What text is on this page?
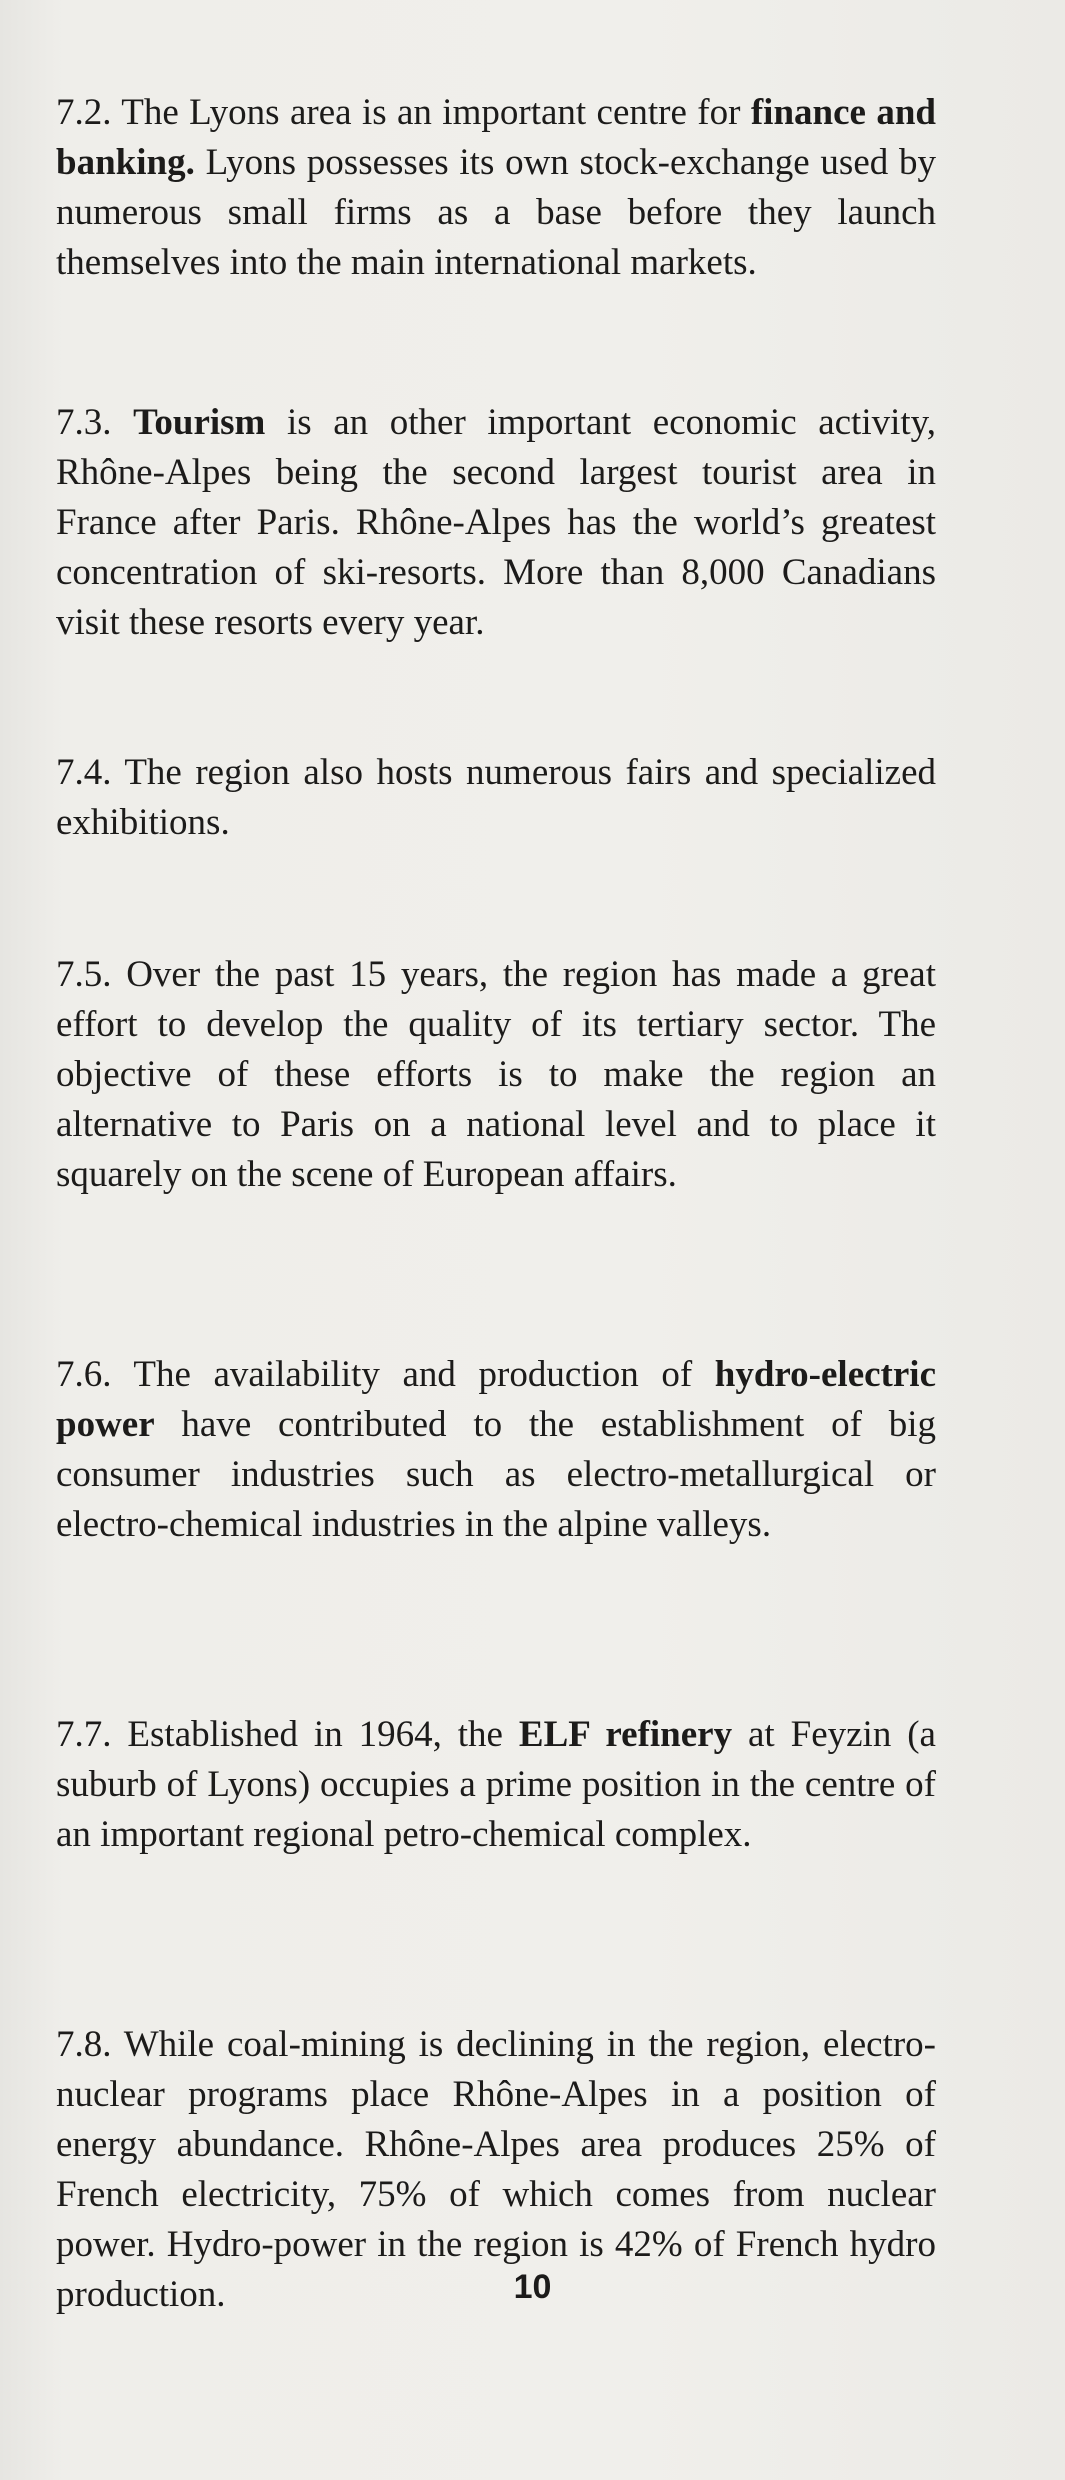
7.2. The Lyons area is an important centre for finance and banking. Lyons possesses its own stock-exchange used by numerous small firms as a base before they launch themselves into the main international markets.

7.3. Tourism is an other important economic activity, Rhône-Alpes being the second largest tourist area in France after Paris. Rhône-Alpes has the world’s greatest concentration of ski-resorts. More than 8,000 Canadians visit these resorts every year.

7.4. The region also hosts numerous fairs and specialized exhibitions.

7.5. Over the past 15 years, the region has made a great effort to develop the quality of its tertiary sector. The objective of these efforts is to make the region an alternative to Paris on a national level and to place it squarely on the scene of European affairs.

7.6. The availability and production of hydro-electric power have contributed to the establishment of big consumer industries such as electro-metallurgical or electro-chemical industries in the alpine valleys.

7.7. Established in 1964, the ELF refinery at Feyzin (a suburb of Lyons) occupies a prime position in the centre of an important regional petro-chemical complex.

7.8. While coal-mining is declining in the region, electro-nuclear programs place Rhône-Alpes in a position of energy abundance. Rhône-Alpes area produces 25% of French electricity, 75% of which comes from nuclear power. Hydro-power in the region is 42% of French hydro production.	10
